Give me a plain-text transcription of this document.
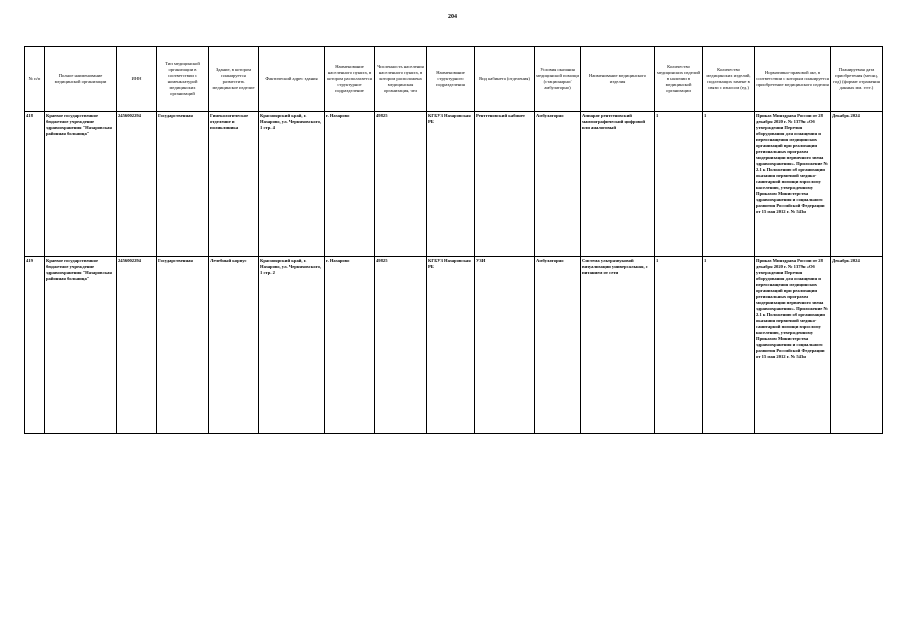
204
№ п/п	Полное наименование медицинской организации	ИНН	Тип медицинской организации в соответствии с номенклатурой медицинских организаций	Здание, в котором планируется разместить медицинское изделие	Фактический адрес здания	Наименование населенного пункта, в котором располагается структурное подразделение	Численность населения населенного пункта, в котором расположена медицинская организация, чел	Наименование структурного подразделения	Вид кабинета (отделения)	Условия оказания медицинской помощи (стационарно/амбулаторно)	Наименование медицинского изделия	Количество медицинских изделий в наличии в медицинской организации	Количество медицинских изделий, подлежащих замене в связи с износом (ед.)	Нормативно-правовой акт, в соответствии с которым планируется приобретение медицинского изделия	Планируемая дата приобретения (месяц, год) (формат отражения данных мм. гггг.)
418	Краевое государственное бюджетное учреждение здравоохранения "Назаровская районная больница"	2456002294	Государственная	Гинекологическое отделение и поликлиника	Красноярский край, г. Назарово, ул. Черняховского, 1 стр. 4	г. Назарово	49825	КГБУЗ Назаровская РБ	Рентгеновский кабинет	Амбулаторно	Аппарат рентгеновский маммографический цифровой или аналоговый	1	1	Приказ Минздрава России от 28 декабря 2020 г. № 1379н «Об утверждении Перечня оборудования для оснащения и переоснащения медицинских организаций при реализации региональных программ модернизации первичного звена здравоохранения». Приложение № 2.1 к Положению об организации оказания первичной медико-санитарной помощи взрослому населению, утвержденному Приказом Министерства здравоохранения и социального развития Российской Федерации от 15 мая 2012 г. № 543н	Декабрь 2024
419	Краевое государственное бюджетное учреждение здравоохранения "Назаровская районная больница"	2456002294	Государственная	Лечебный корпус	Красноярский край, г. Назарово, ул. Черняховского, 1 стр. 2	г. Назарово	49825	КГБУЗ Назаровская РБ	УЗИ	Амбулаторно	Система ультразвуковой визуализации универсальная, с питанием от сети	1	1	Приказ Минздрава России от 28 декабря 2020 г. № 1379н «Об утверждении Перечня оборудования для оснащения и переоснащения медицинских организаций при реализации региональных программ модернизации первичного звена здравоохранения». Приложение № 2.1 к Положению об организации оказания первичной медико-санитарной помощи взрослому населению, утвержденному Приказом Министерства здравоохранения и социального развития Российской Федерации от 15 мая 2012 г. № 543н	Декабрь 2024
